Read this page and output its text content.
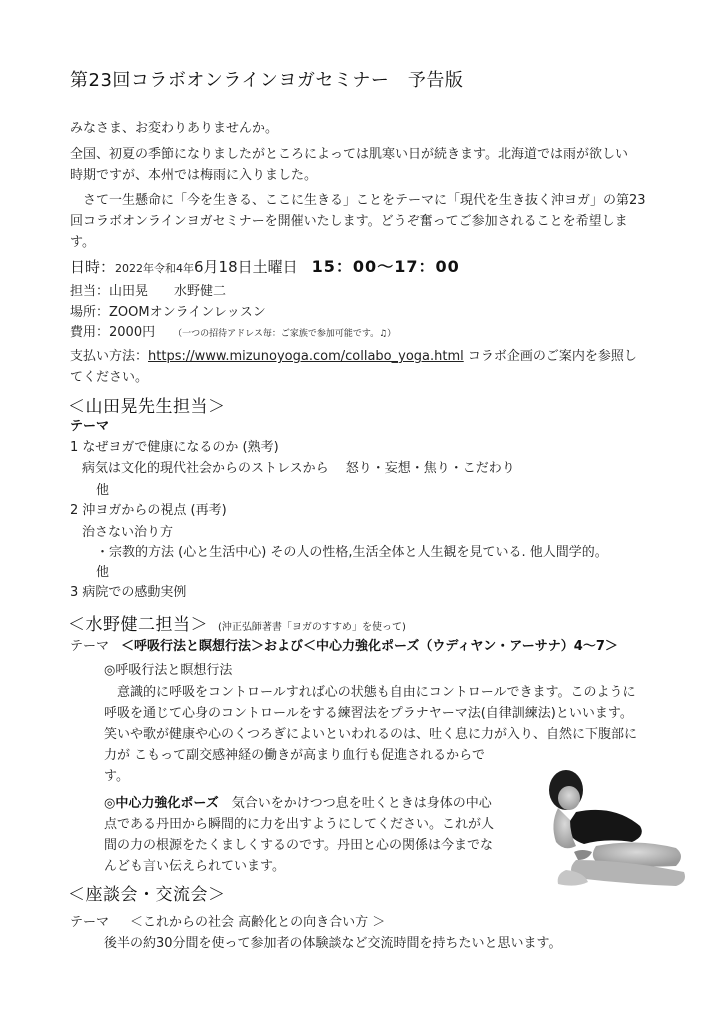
第23回コラボオンラインヨガセミナー　予告版
みなさま、お変わりありませんか。
全国、初夏の季節になりましたがところによっては肌寒い日が続きます。北海道では雨が欲しい
時期ですが、本州では梅雨に入りました。
　さて一生懸命に「今を生きる、ここに生きる」ことをテーマに「現代を生き抜く沖ヨガ」の第23
回コラボオンラインヨガセミナーを開催いたします。どうぞ奮ってご参加されることを希望しま
す。
日時：2022年令和4年6月18日土曜日 15：00〜17：00
担当：山田晃　　水野健二
場所：ZOOMオンラインレッスン
費用：2000円 （一つの招待アドレス毎：ご家族で参加可能です。♫）
支払い方法：https://www.mizunoyoga.com/collabo_yoga.html コラボ企画のご案内を参照し
てください。
＜山田晃先生担当＞
テーマ
1 なぜヨガで健康になるのか (熟考)
病気は文化的現代社会からのストレスから　 怒り・妄想・焦り・こだわり
他
2 沖ヨガからの視点 (再考)
治さない治り方
・宗教的方法 (心と生活中心) その人の性格,生活全体と人生観を見ている. 他人間学的。
他
3 病院での感動実例
＜水野健二担当＞ (沖正弘師著書「ヨガのすすめ」を使って)
テーマ ＜呼吸行法と瞑想行法＞および＜中心力強化ポーズ（ウディヤン・アーサナ）4〜7＞
◎呼吸行法と瞑想行法
　意識的に呼吸をコントロールすれば心の状態も自由にコントロールできます。このように
呼吸を通じて心身のコントロールをする練習法をプラナヤーマ法(自律訓練法)といいます。
笑いや歌が健康や心のくつろぎによいといわれるのは、吐く息に力が入り、自然に下腹部に
力が こもって副交感神経の働きが高まり血行も促進されるからで
す。
◎中心力強化ポーズ　気合いをかけつつ息を吐くときは身体の中心
点である丹田から瞬間的に力を出すようにしてください。これが人
間の力の根源をたくましくするのです。丹田と心の関係は今までな
んども言い伝えられています。
＜座談会・交流会＞
テーマ　＜これからの社会 高齢化との向き合い方 ＞
後半の約30分間を使って参加者の体験談など交流時間を持ちたいと思います。
